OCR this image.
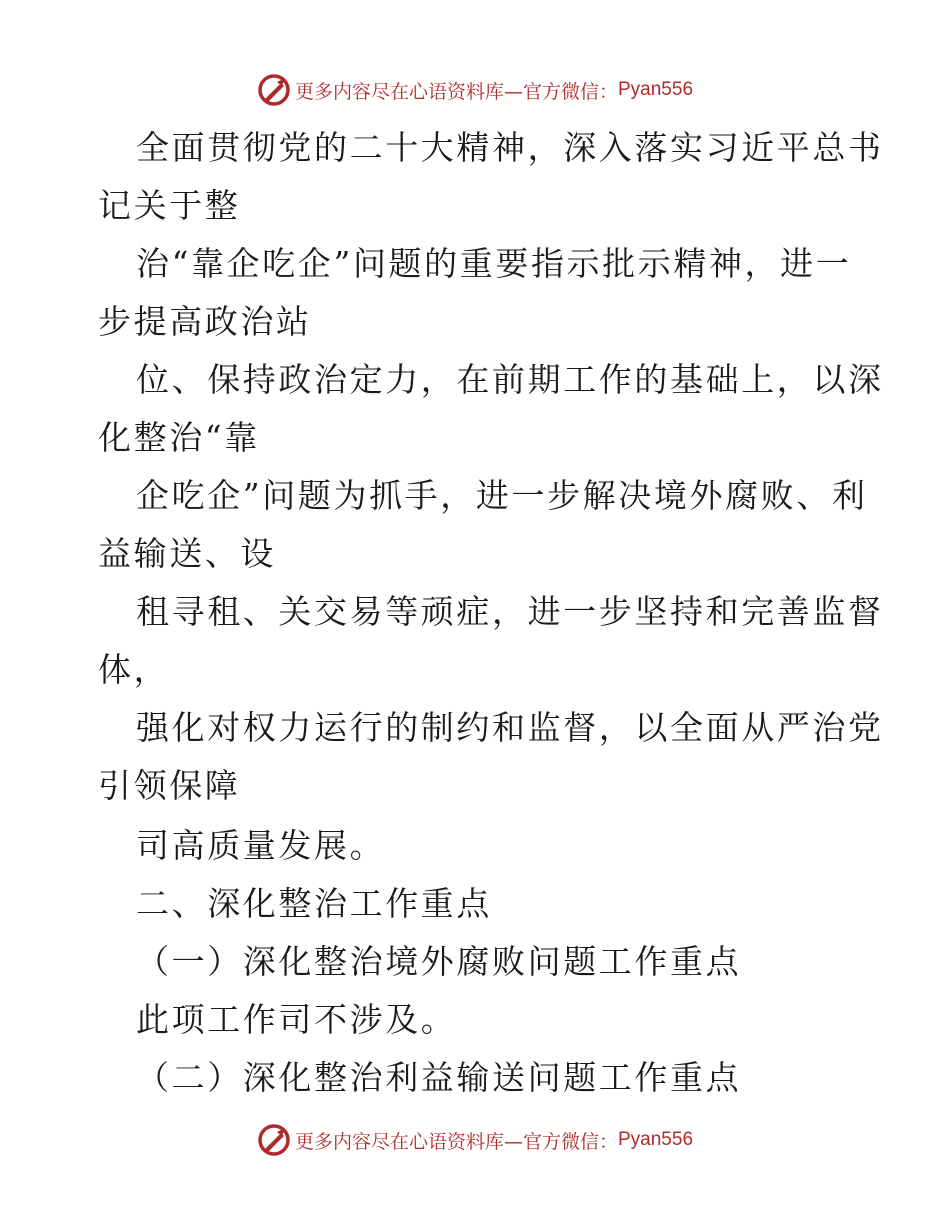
更多内容尽在心语资料库—官方微信： Pyan556
全面贯彻党的二十大精神，深入落实习近平总书
记关于整
治“靠企吃企”问题的重要指示批示精神，进一
步提高政治站
位、保持政治定力，在前期工作的基础上，以深
化整治“靠
企吃企”问题为抓手，进一步解决境外腐败、利
益输送、设
租寻租、关交易等顽症，进一步坚持和完善监督
体，
强化对权力运行的制约和监督，以全面从严治党
引领保障
司高质量发展。
二、深化整治工作重点
（一）深化整治境外腐败问题工作重点
此项工作司不涉及。
（二）深化整治利益输送问题工作重点
更多内容尽在心语资料库—官方微信： Pyan556
